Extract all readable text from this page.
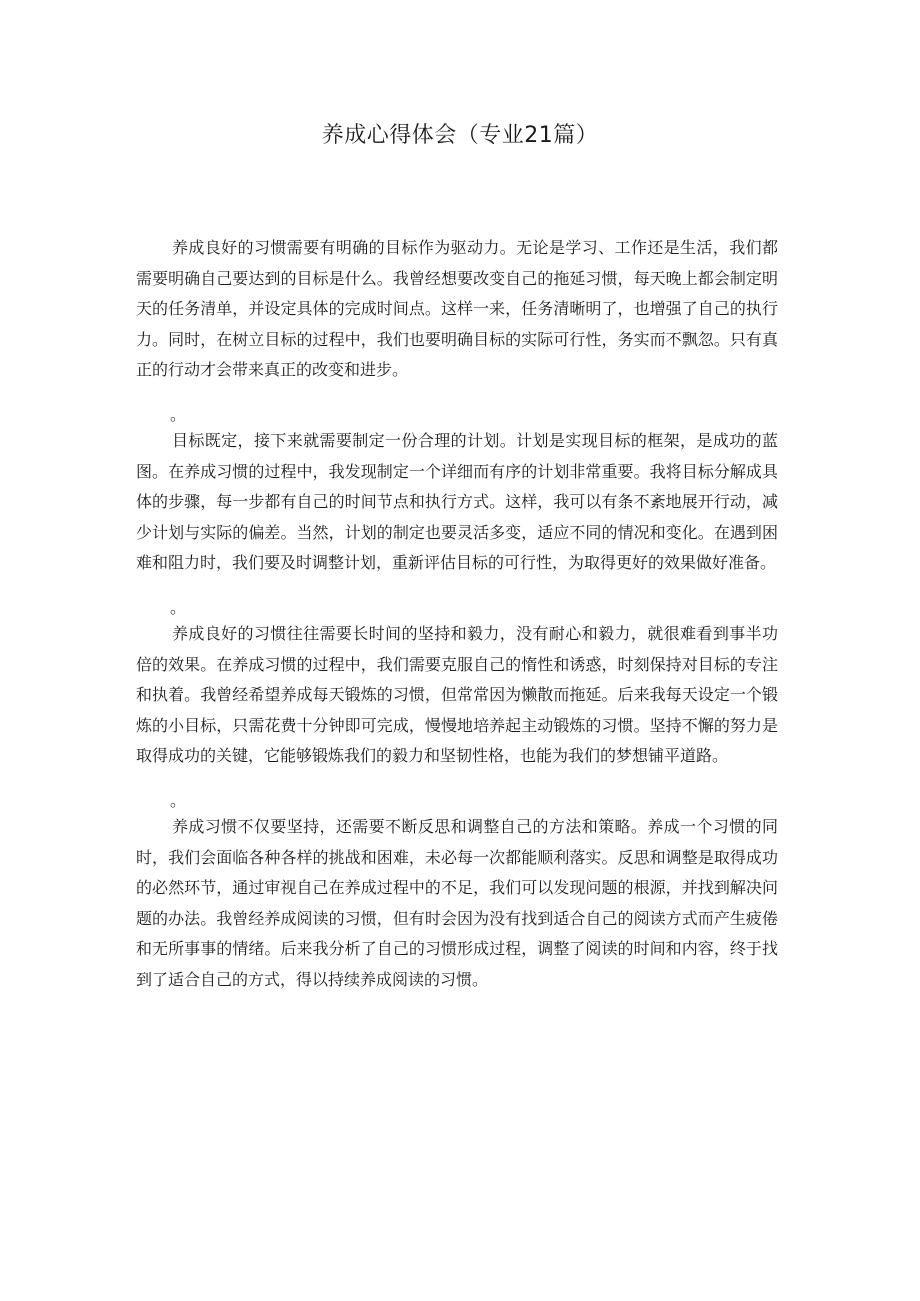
养成心得体会（专业21篇）

养成良好的习惯需要有明确的目标作为驱动力。无论是学习、工作还是生活，我们都需要明确自己要达到的目标是什么。我曾经想要改变自己的拖延习惯，每天晚上都会制定明天的任务清单，并设定具体的完成时间点。这样一来，任务清晰明了，也增强了自己的执行力。同时，在树立目标的过程中，我们也要明确目标的实际可行性，务实而不飘忽。只有真正的行动才会带来真正的改变和进步。

。

目标既定，接下来就需要制定一份合理的计划。计划是实现目标的框架，是成功的蓝图。在养成习惯的过程中，我发现制定一个详细而有序的计划非常重要。我将目标分解成具体的步骤，每一步都有自己的时间节点和执行方式。这样，我可以有条不紊地展开行动，减少计划与实际的偏差。当然，计划的制定也要灵活多变，适应不同的情况和变化。在遇到困难和阻力时，我们要及时调整计划，重新评估目标的可行性，为取得更好的效果做好准备。

。

养成良好的习惯往往需要长时间的坚持和毅力，没有耐心和毅力，就很难看到事半功倍的效果。在养成习惯的过程中，我们需要克服自己的惰性和诱惑，时刻保持对目标的专注和执着。我曾经希望养成每天锻炼的习惯，但常常因为懒散而拖延。后来我每天设定一个锻炼的小目标，只需花费十分钟即可完成，慢慢地培养起主动锻炼的习惯。坚持不懈的努力是取得成功的关键，它能够锻炼我们的毅力和坚韧性格，也能为我们的梦想铺平道路。

。

养成习惯不仅要坚持，还需要不断反思和调整自己的方法和策略。养成一个习惯的同时，我们会面临各种各样的挑战和困难，未必每一次都能顺利落实。反思和调整是取得成功的必然环节，通过审视自己在养成过程中的不足，我们可以发现问题的根源，并找到解决问题的办法。我曾经养成阅读的习惯，但有时会因为没有找到适合自己的阅读方式而产生疲倦和无所事事的情绪。后来我分析了自己的习惯形成过程，调整了阅读的时间和内容，终于找到了适合自己的方式，得以持续养成阅读的习惯。
